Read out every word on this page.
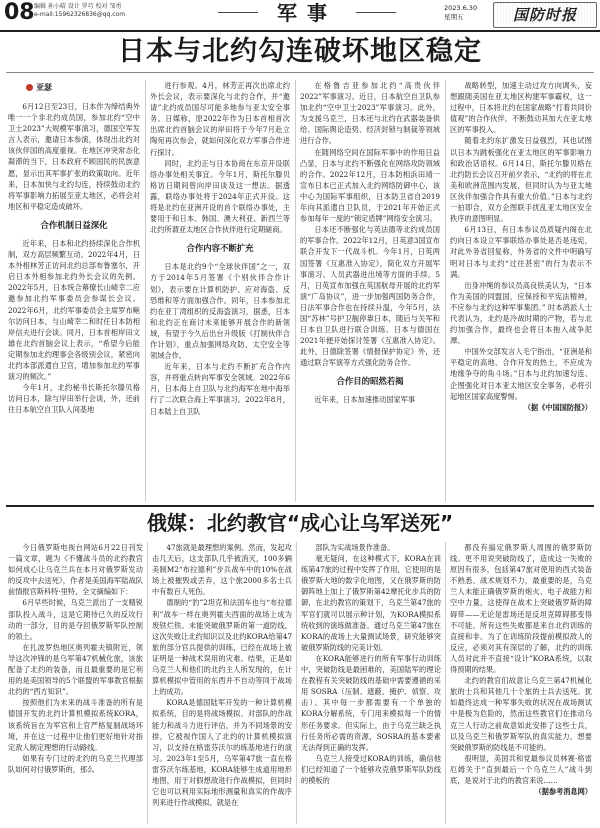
08 编辑 孙小晴 设计 罗巧 校对 邹勇
e-mail:15962326836@qq.com	军事	2023.6.30
星期五	国防时报
日本与北约勾连破坏地区稳定
亚瑟

6月12日至23日，日本作为缔结典外唯一一个非北约成员国，参加北约“空中卫士2023”大规模军事演习，德国空军发言人表示，邀请日本参演，体现出北约对该伙伴国的高度重视。在地区冲突常态化凝滞的当下，日本政府不顾国民的民族意愿，显示出其军事扩张的政策取向。近年来，日本加快与北约勾连，持续鼓动北约将军事影响力拓展至亚太地区，必将会对地区和平稳定造成破坏。

合作机制日益深化

近年来，日本和北约持续深化合作机制，双方高层频繁互动。2022年4月，日本外相林芳正访问北约总部布鲁塞尔，开启日本外相参加北约外长会议的先例。2022年5月，日本统合幕僚长山崎幸二应邀参加北约军事委员会参谋长会议。2022年6月，北约军事委员会主席罗布鲍尔访问日本，与山崎幸二和时任日本防相岸信夫进行会谈。同月，日本首相岸田文雄在北约首脑会议上表示，“希望今后能定期参加北约理事会各级别会议，紧密向北约本部派遣自卫官，增加参加北约军事演习的频次。”

今年1月，北约秘书长斯托尔滕贝格访问日本，除与岸田举行会谈，外，还前往日本航空自卫队入间基地

进行参观。4月，林芳正再次出席北约外长会议，表示要深化与北约合作，并“邀请”北约成员国尽可能多地参与亚太安全事务。日媒称，原2022年作为日本首相首次出席北约首脑会议的岸田将于今年7月赴立陶宛再次参会，就如何深化双方军事合作进行探讨。

同时，北约正与日本协商在东京开设联络办事处相关事宜。今年1月，斯托尔滕贝格访日期间曾向岸田谈及这一想法。据透露，联络办事处将于2024年正式开设。这将是北约在亚洲开设的首个联络办事处，主要用于和日本、韩国、澳大利亚、新西兰等北约所谓亚太地区合作伙伴进行定期磋商。

合作内容不断扩充

日本是北约9个“全球伙伴国”之一，双方于2014年5月签署《个别伙伴合作计划》，表示要在计算机防护、应对海盗、反恐维和等方面加强合作。同年，日本参加北约在亚丁湾组织的反海盗演习，据悉，日本和北约正在商讨未来能够开展合作的新领域，有望于今久后出台升级版《打制伙伴合作计划》，重点加强网络攻防、太空安全等领域合作。

近年来，日本与北约不断扩充合作内容，并将重点转向军事安全领域。2022年6月，日本海上自卫队与北约海军在地中海举行了二次联合海上军事演习。2022年8月，日本陆上自卫队

在格鲁吉亚参加北约“高贵伙伴2022”军事演习。近日，日本航空自卫队参加北约“空中卫士2023”军事演习。此外，为支援乌克兰，日本还与北约在武器装备供给、国际舆论造势、经济封锁与制裁等领域进行合作。

在随网络空间在国际军事中的作用日益凸显，日本与北约不断强化在网络攻防领域的合作。2022年12月，日本防相浜田靖一宣布日本已正式加入北约网络防御中心，该中心为国际军事组织，日本防卫省自2019年向其派遣自卫队员，于2021年开始正式参加每年一度的“锁定盾牌”网络安全演习。

日本还不断强化与英法德等北约成员国的军事合作。2022年12月，日英意3国宣布联合开发下一代战斗机。今年1月，日英两国签署《互惠准入协定》，简化双方开展军事演习、人员武器进出境等方面的手续。5月，日英宣布加强在英国航母开展的北约军演“广岛协议”，进一步加强两国防务合作，日法军事合作也在持续升温，今年5月，法国“苏林”号护卫舰停靠日本，随后与关军和日本自卫队进行联合训练。日本与德国在2021年便开始探讨签署《互惠准入协定》。此外，日德除签署《情报保护协定》外，还通过联合军演等方式强化防务合作。

合作目的昭然若揭

近年来，日本加速推动国家军事

战略转型，加速主动过攻方向调头，妄想跟随美国在亚太地区构建军事霸权，这一过程中，日本将北约在国家战略“打着共同价值观”的合作伙伴，不断鼓动其加大在亚太地区的军事投入。

随着北约东扩激发日益强烈，其也试图以日本为跳板强化在亚太地区的军事影响力和政治话语权。6月14日，斯托尔滕贝格在北约防长会议召开前夕表示，“北约的将在北美和欧洲范围内发展，但同时认为与亚太地区伙伴加强合作具有重大价值。”日本与北约一拍即合，双方企图联手扰乱亚太地区安全秩序的意图明显。

6月13日，有日本参议员质疑内阁在北约向日本设立军事联络办事处是否是违宪，对此外务省回复称，外务省的文件中明确写明对日本与北约“过往甚密”的行为表示不满。

出身冲绳的参议员高良铁美认为，“日本作为美国的同盟国，应保持和平宪法精神，不应参与北约这种军事集团。” 时本鸽派人士代表认为，北约是冷战时期的产物，若与北约加强合作，最终也会将日本拖入战争泥潭。

中国外交部发言人毛宁指出，“亚洲是和平稳定的高地、合作开发的热土，不应成为地缘争夺的角斗场。”日本与北约加速勾连、企图强化对日本亚太地区安全事务，必将引起地区国家高度警惕。

（据《中国国防报》）
俄媒：北约教官“成心让乌军送死”

今日俄罗斯电视台网站6月22日刊发一篇文章，题为《不懂战斗员的北约教官如何成心让乌克兰兵在本月对俄罗斯发动的反攻中去送死》，作者是美国海军陆战队前情报官斯科特·里特，全文摘编如下：

6月早些时候，乌克兰派出了一支精锐部队投入战斗，这是它期待已久的反攻行动的一部分，目的是夺回俄罗斯军队控制的领土。

在扎波罗热地区奥列霍夫镇附近，领导这次冲锋的是乌军第47机械化旅，该旅配备了北约的装备，而且最重要的是它利用的是美国领导的5个联盟的军事教官根据北约的“西方知识”。

按照他们为未来的战斗准备的所有是德国开发的北约计算机模拟系统KORA，该系统旨在为军官和上官严格复制战场环境，并在这一过程中让他们更好地针对指定敌人制定理想的行动路线。

如果有专门过的北约的乌克兰代理部队如何对付俄罗斯的，那么

47旅就是最理想的案例。然而，发起攻击几天后，这支部队几乎被消灭，100多辆美制M2“布拉德利”步兵战车中的10%在战场上被摧毁或丢弃，这个旅2000多名士兵中有数百人死伤。

德制的“豹”2坦克和法国车也与“布拉德利”战车一样在奥列霍夫西面的战场上成为废铁烂铁。未能突破俄罗斯的第一道防线，这次失败让北约知识以及北约KORA给第47旅的部分官兵提供的训练，已经在战场上被证明是一种战术误用的灾难。结果，正是如乌克兰人和他们的北约主人所发现的，在计算机模拟中管用的东西并不自动等同于战场上的成功。

KORA是德国陆军开发的一种计算机模拟系统，目的是将战场模拟、对部队的作战能力和战斗力进行评估，并为不同场景的安排，它被视作国人了北约的计算机模拟演习，以支持在格雷芬沃尔的练基地进行的演习。2023年1至5月，乌军第47旅一直在格雷芬沃尔练基地，KORA能够生成道用地形地图，用于对假想敌进行作战模拟，但同时它也可以利用实际地形测量和真实的作战序列来进行作战模拟。就是在

部队为实战场景作准备。

毫无疑问，在这种模式下，KORA在训练第47旅的过程中发挥了作用，它使用的是俄罗斯大地的数字化地图，又在俄罗斯的防御阵地上加上了俄罗斯第42摩托化步兵的防御，在北约教官的策划下，乌克兰第47旅的军官们就可以展示种计划，为KORA模拟系统收到的演练做准备。通过乌克兰第47旅在KORA的战场上大量测试场景，研究能够突破俄罗斯防线的完美计划。

在KORA能够进行的所有军事行动训练中，突破防线是最困难的，美国陆军的理论在教程有关突破防线的基础中需要遵循的采用 SOSRA（压制、遮蔽、掩护、侦察、攻击）。其中每一步都需要有一个单独的KORA分解系统，专门用来模拟每一个的情形任务要求。但实际上，由于乌克兰缺乏执行任务所必需的资源，SOSRA的基本要素无法得到正确的发挥。

乌克兰人接受过KORA的训练，确信他们已经知道了一个能够攻克俄罗斯军队防线的模板的

都没有搞定俄罗斯人周围的俄罗斯防线。更不用说突破防线了，造成这一失败的原因有很多，包括第47旅对使用的西式装备不熟悉、战术规划不力，最重要的是，乌克兰人未能正确俄罗斯的炮火、电子战能力和空中力量，这使得在战术上突破俄罗斯的障碍带——无论是雷场还是反坦克障碍都变得不可能。所有这些失败都是来自北约训练的直接和非。为了在训练阶段提前模拟敌人的反应，必须对其有深层的了解，北约的训练人员对此并不直接“设计”KORA系统，以取得预期的结果。

北约的教官们故意让乌克兰第47机械化旅的士兵和其他几十个旅的士兵去送死。犹如最终达成一种军事失败的状况在战场测试中是极为危险的，然而这些教官们在推动乌克兰人行动之前故意如此安排了这些士兵，以及乌克兰和俄罗斯军队的真实能力，想要突破俄罗斯的防线是不可能的。

很明显，美国共和党最参议员林赛·格雷厄姆关于“直到最后一个乌克兰人”战斗到底，是说对于北约的教官来说……

（据参考消息网）
